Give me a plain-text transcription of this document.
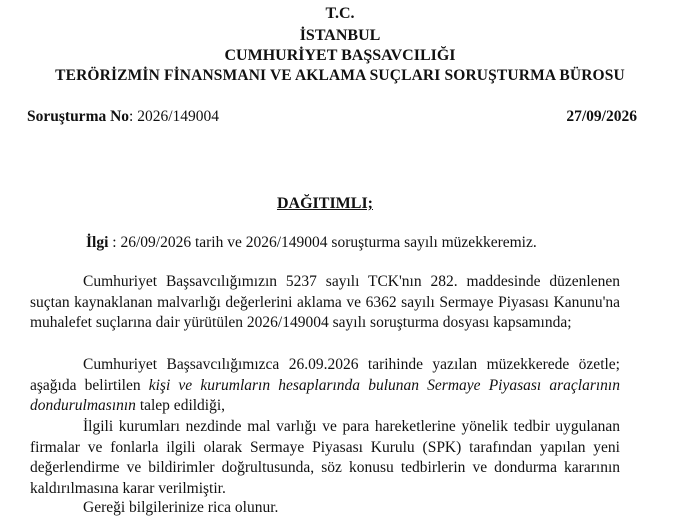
T.C.
İSTANBUL
CUMHURİYET BAŞSAVCILIĞI
TERÖRİZMİN FİNANSMANI VE AKLAMA SUÇLARI SORUŞTURMA BÜROSU
Soruşturma No: 2026/149004	27/09/2026
DAĞITIMLI;
İlgi : 26/09/2026 tarih ve 2026/149004 soruşturma sayılı müzekkeremiz.

Cumhuriyet Başsavcılığımızın 5237 sayılı TCK'nın 282. maddesinde düzenlenen suçtan kaynaklanan malvarlığı değerlerini aklama ve 6362 sayılı Sermaye Piyasası Kanunu'na muhalefet suçlarına dair yürütülen 2026/149004 sayılı soruşturma dosyası kapsamında;

Cumhuriyet Başsavcılığımızca 26.09.2026 tarihinde yazılan müzekkerede özetle; aşağıda belirtilen kişi ve kurumların hesaplarında bulunan Sermaye Piyasası araçlarının dondurulmasının talep edildiği,

İlgili kurumları nezdinde mal varlığı ve para hareketlerine yönelik tedbir uygulanan firmalar ve fonlarla ilgili olarak Sermaye Piyasası Kurulu (SPK) tarafından yapılan yeni değerlendirme ve bildirimler doğrultusunda, söz konusu tedbirlerin ve dondurma kararının kaldırılmasına karar verilmiştir.

Gereği bilgilerinize rica olunur.
